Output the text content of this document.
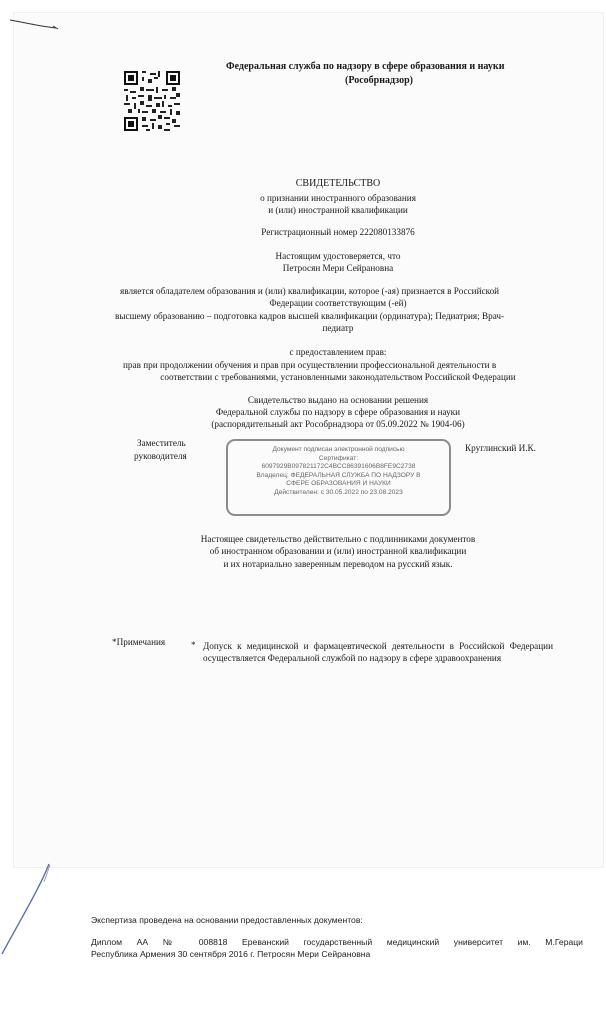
Федеральная служба по надзору в сфере образования и науки
(Рособрнадзор)
СВИДЕТЕЛЬСТВО
о признании иностранного образования
и (или) иностранной квалификации
Регистрационный номер 222080133876
Настоящим удостоверяется, что
Петросян Мери Сейрановна
является обладателем образования и (или) квалификации, которое (-ая) признается в Российской
Федерации соответствующим (-ей)
высшему образованию – подготовка кадров высшей квалификации (ординатура); Педиатрия; Врач-
педиатр
с предоставлением прав:
прав при продолжении обучения и прав при осуществлении профессиональной деятельности в
соответствии с требованиями, установленными законодательством Российской Федерации
Свидетельство выдано на основании решения
Федеральной службы по надзору в сфере образования и науки
(распорядительный акт Рособрнадзора от 05.09.2022 № 1904-06)
Заместитель
руководителя
Круглинский И.К.
Документ подписан электронной подписью
Сертификат:
6097929B097821172C4BCC86391606B8FE9C2738
Владелец: ФЕДЕРАЛЬНАЯ СЛУЖБА ПО НАДЗОРУ В
СФЕРЕ ОБРАЗОВАНИЯ И НАУКИ
Действителен: с 30.05.2022 по 23.08.2023
Настоящее свидетельство действительно с подлинниками документов
об иностранном образовании и (или) иностранной квалификации
и их нотариально заверенным переводом на русский язык.
*Примечания	* Допуск к медицинской и фармацевтической деятельности в Российской Федерации осуществляется Федеральной службой по надзору в сфере здравоохранения
Экспертиза проведена на основании предоставленных документов:
Диплом АА № 008818 Ереванский государственный медицинский университет им. М.Гераци
Республика Армения 30 сентября 2016 г. Петросян Мери Сейрановна
